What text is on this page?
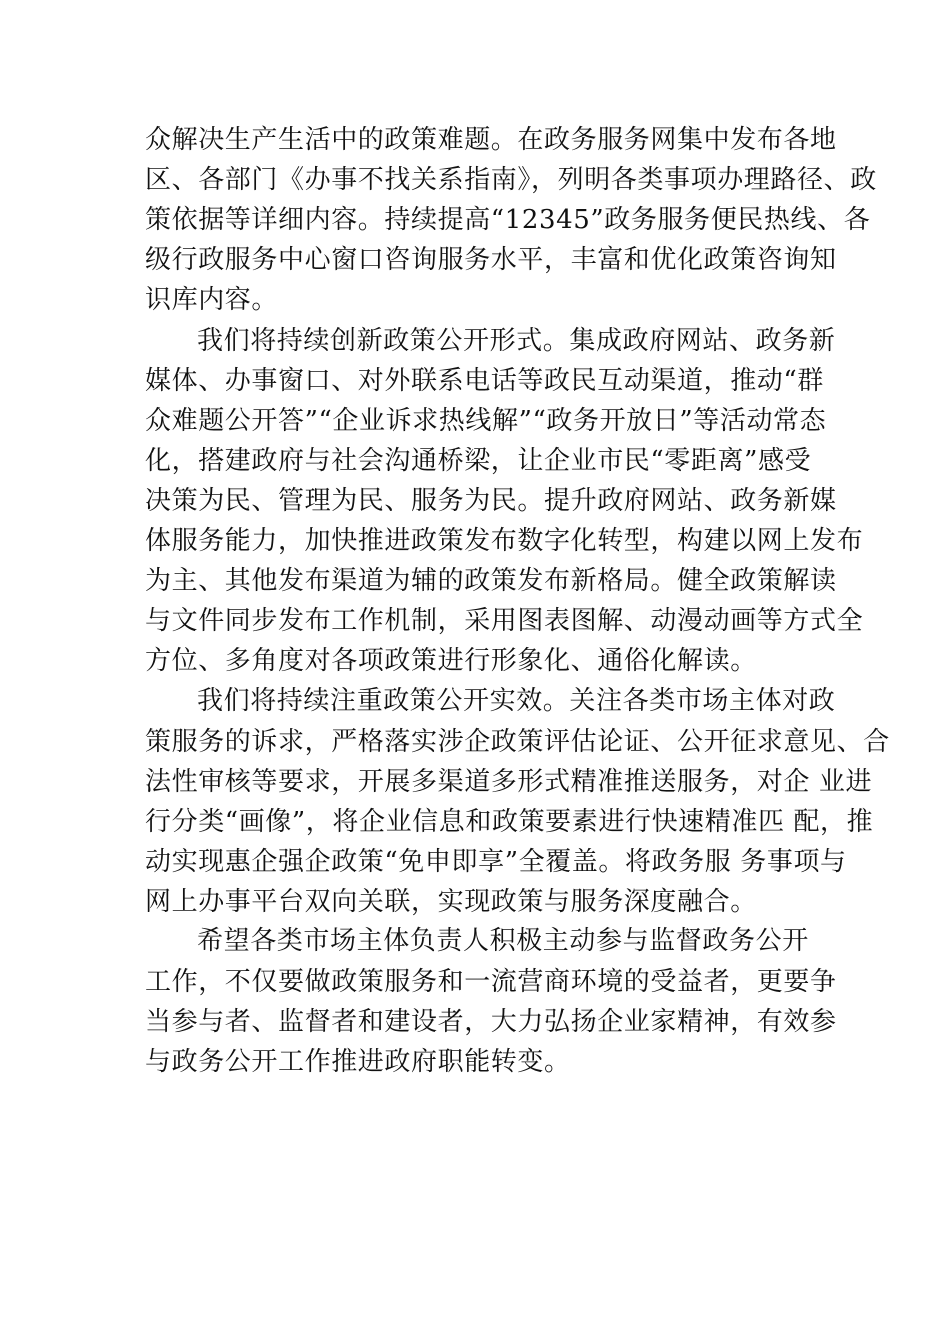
众解决生产生活中的政策难题。在政务服务网集中发布各地
区、各部门《办事不找关系指南》，列明各类事项办理路径、政
策依据等详细内容。持续提高“12345”政务服务便民热线、各
级行政服务中心窗口咨询服务水平，丰富和优化政策咨询知
识库内容。
我们将持续创新政策公开形式。集成政府网站、政务新
媒体、办事窗口、对外联系电话等政民互动渠道，推动“群
众难题公开答”“企业诉求热线解”“政务开放日”等活动常态
化，搭建政府与社会沟通桥梁，让企业市民“零距离”感受
决策为民、管理为民、服务为民。提升政府网站、政务新媒
体服务能力，加快推进政策发布数字化转型，构建以网上发布
为主、其他发布渠道为辅的政策发布新格局。健全政策解读
与文件同步发布工作机制，采用图表图解、动漫动画等方式全
方位、多角度对各项政策进行形象化、通俗化解读。
我们将持续注重政策公开实效。关注各类市场主体对政
策服务的诉求，严格落实涉企政策评估论证、公开征求意见、合
法性审核等要求，开展多渠道多形式精准推送服务，对企 业进
行分类“画像”，将企业信息和政策要素进行快速精准匹 配，推
动实现惠企强企政策“免申即享”全覆盖。将政务服 务事项与
网上办事平台双向关联，实现政策与服务深度融合。
希望各类市场主体负责人积极主动参与监督政务公开
工作，不仅要做政策服务和一流营商环境的受益者，更要争
当参与者、监督者和建设者，大力弘扬企业家精神，有效参
与政务公开工作推进政府职能转变。
